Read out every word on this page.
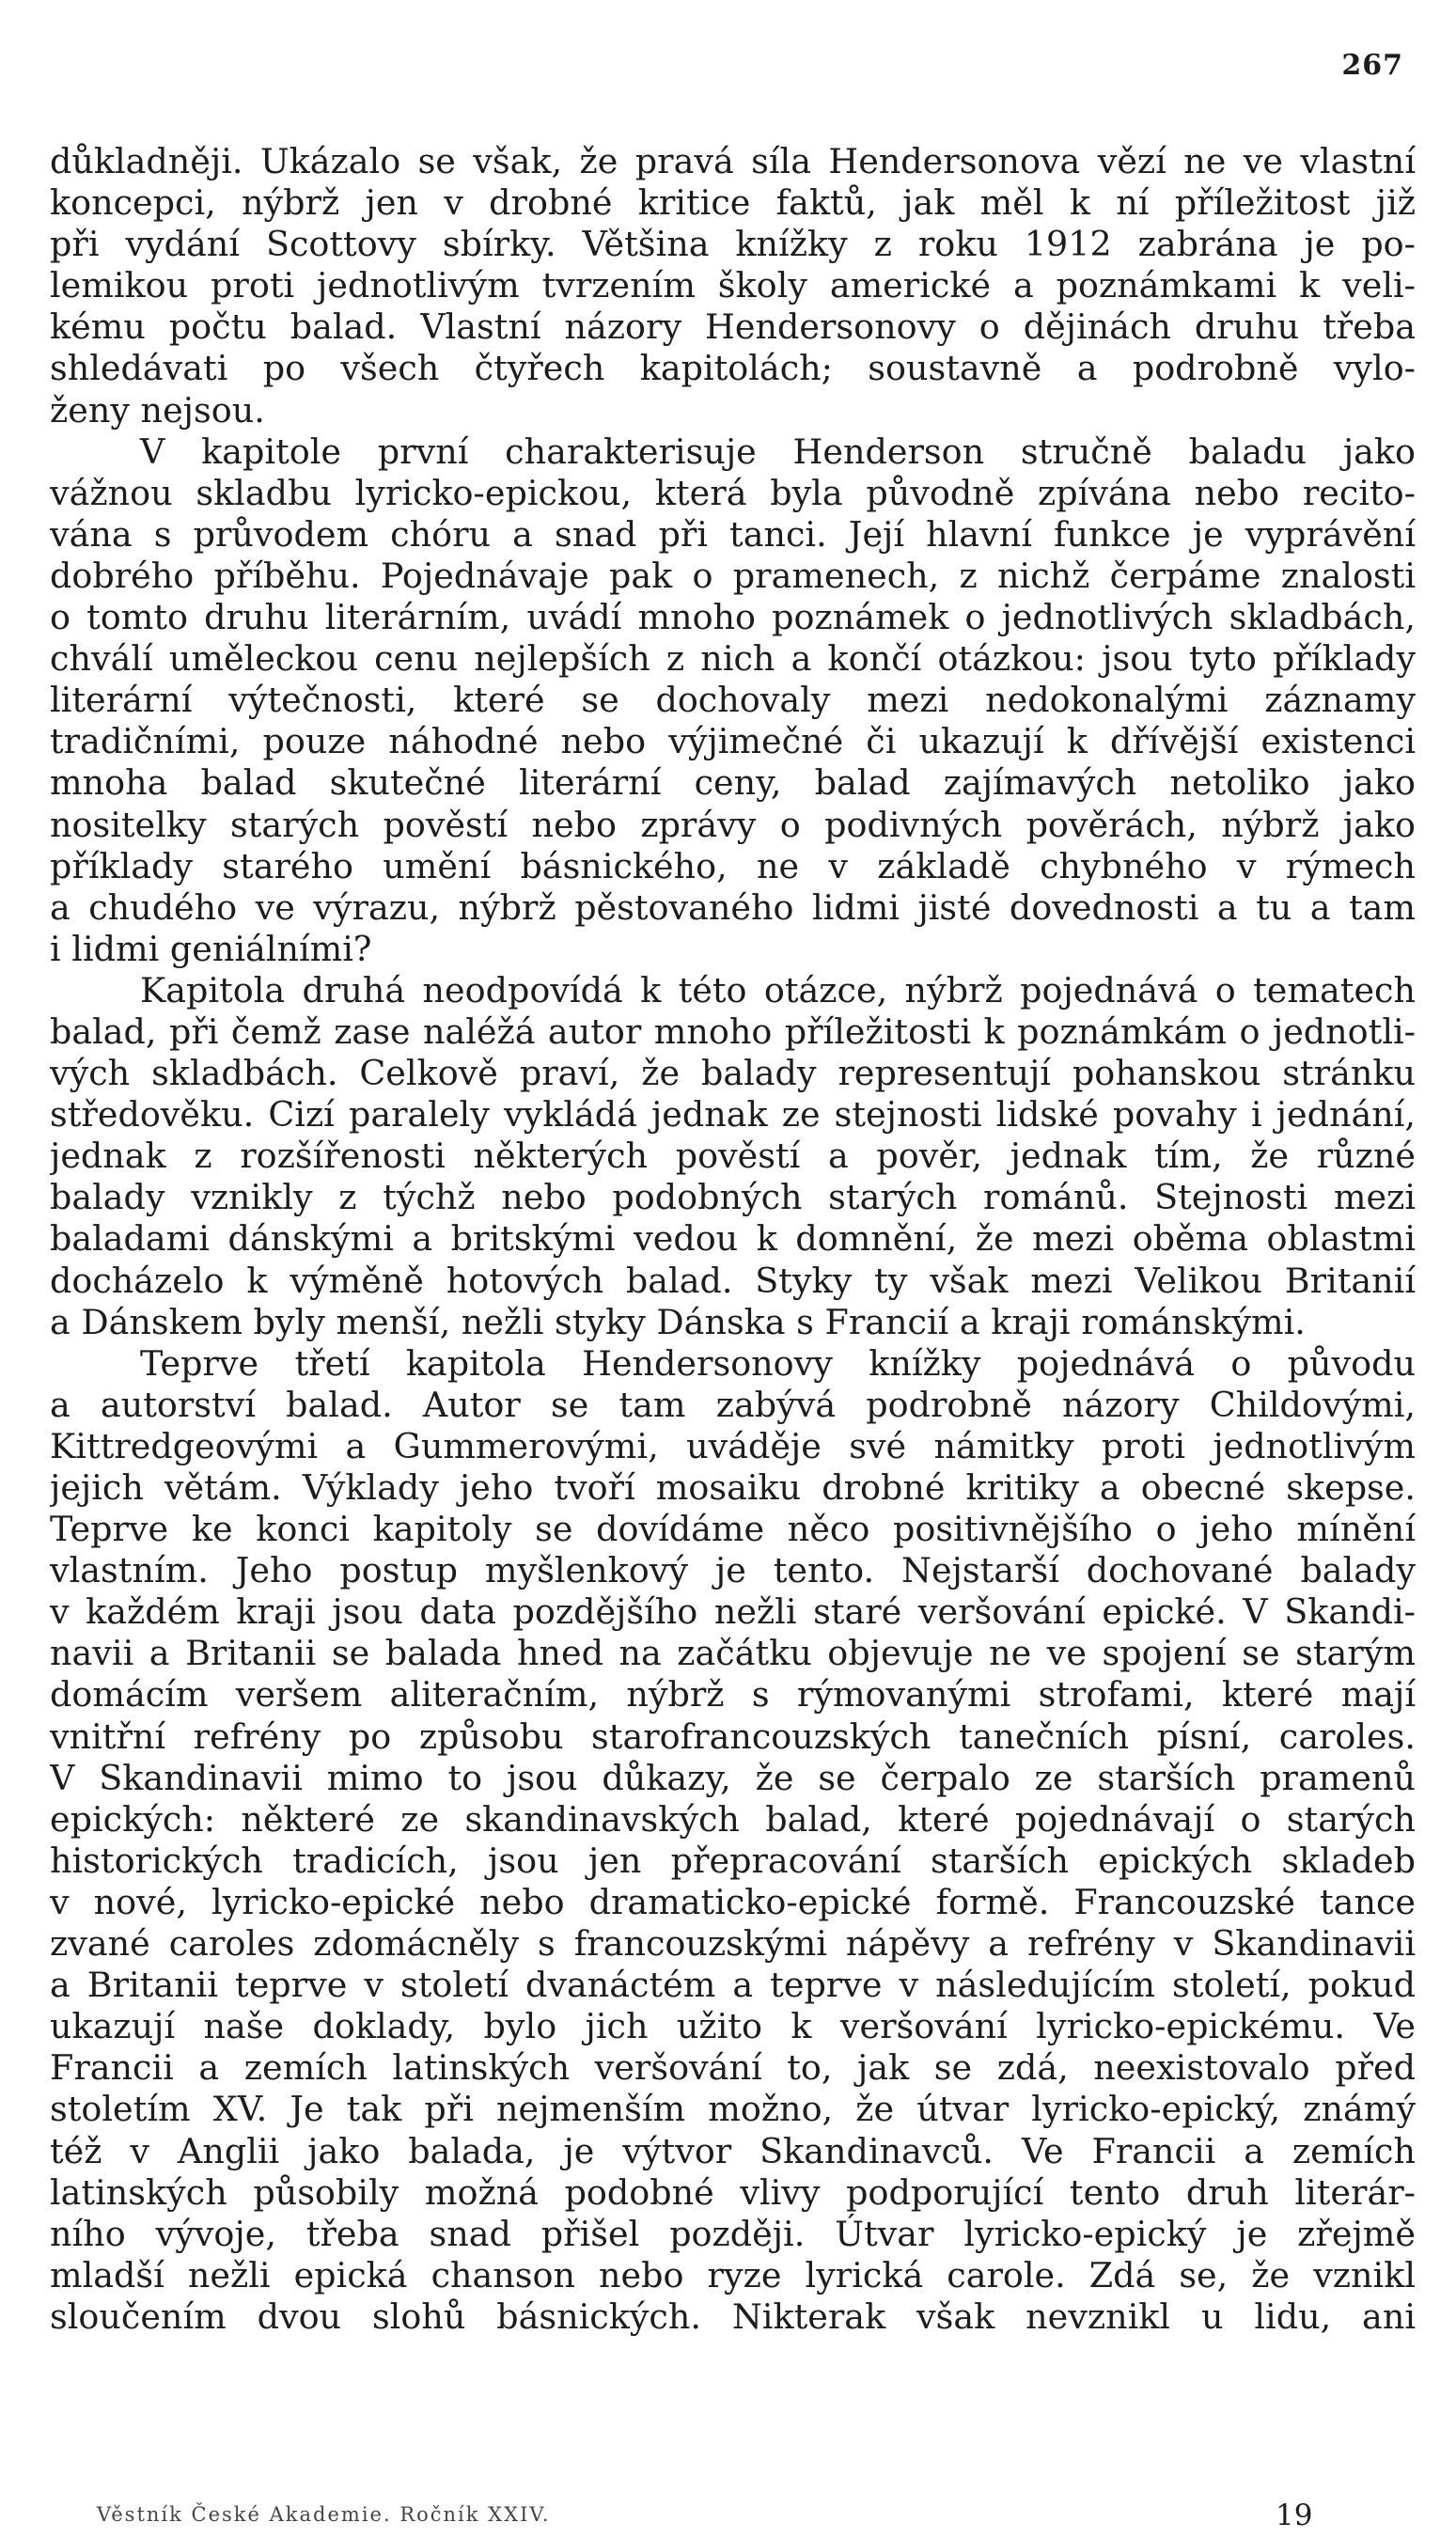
267
důkladněji. Ukázalo se však, že pravá síla Hendersonova vězí ne ve vlastní
koncepci, nýbrž jen v drobné kritice faktů, jak měl k ní příležitost již
při vydání Scottovy sbírky. Většina knížky z roku 1912 zabrána je po-
lemikou proti jednotlivým tvrzením školy americké a poznámkami k veli-
kému počtu balad. Vlastní názory Hendersonovy o dějinách druhu třeba
shledávati po všech čtyřech kapitolách; soustavně a podrobně vylo-
ženy nejsou.
V kapitole první charakterisuje Henderson stručně baladu jako
vážnou skladbu lyricko-epickou, která byla původně zpívána nebo recito-
vána s průvodem chóru a snad při tanci. Její hlavní funkce je vyprávění
dobrého příběhu. Pojednávaje pak o pramenech, z nichž čerpáme znalosti
o tomto druhu literárním, uvádí mnoho poznámek o jednotlivých skladbách,
chválí uměleckou cenu nejlepších z nich a končí otázkou: jsou tyto příklady
literární výtečnosti, které se dochovaly mezi nedokonalými záznamy
tradičními, pouze náhodné nebo výjimečné či ukazují k dřívější existenci
mnoha balad skutečné literární ceny, balad zajímavých netoliko jako
nositelky starých pověstí nebo zprávy o podivných pověrách, nýbrž jako
příklady starého umění básnického, ne v základě chybného v rýmech
a chudého ve výrazu, nýbrž pěstovaného lidmi jisté dovednosti a tu a tam
i lidmi geniálními?
Kapitola druhá neodpovídá k této otázce, nýbrž pojednává o tematech
balad, při čemž zase naléžá autor mnoho příležitosti k poznámkám o jednotli-
vých skladbách. Celkově praví, že balady representují pohanskou stránku
středověku. Cizí paralely vykládá jednak ze stejnosti lidské povahy i jednání,
jednak z rozšířenosti některých pověstí a pověr, jednak tím, že různé
balady vznikly z týchž nebo podobných starých románů. Stejnosti mezi
baladami dánskými a britskými vedou k domnění, že mezi oběma oblastmi
docházelo k výměně hotových balad. Styky ty však mezi Velikou Britanií
a Dánskem byly menší, nežli styky Dánska s Francií a kraji románskými.
Teprve třetí kapitola Hendersonovy knížky pojednává o původu
a autorství balad. Autor se tam zabývá podrobně názory Childovými,
Kittredgeovými a Gummerovými, uváděje své námitky proti jednotlivým
jejich větám. Výklady jeho tvoří mosaiku drobné kritiky a obecné skepse.
Teprve ke konci kapitoly se dovídáme něco positivnějšího o jeho mínění
vlastním. Jeho postup myšlenkový je tento. Nejstarší dochované balady
v každém kraji jsou data pozdějšího nežli staré veršování epické. V Skandi-
navii a Britanii se balada hned na začátku objevuje ne ve spojení se starým
domácím veršem aliteračním, nýbrž s rýmovanými strofami, které mají
vnitřní refrény po způsobu starofrancouzských tanečních písní, caroles.
V Skandinavii mimo to jsou důkazy, že se čerpalo ze starších pramenů
epických: některé ze skandinavských balad, které pojednávají o starých
historických tradicích, jsou jen přepracování starších epických skladeb
v nové, lyricko-epické nebo dramaticko-epické formě. Francouzské tance
zvané caroles zdomácněly s francouzskými nápěvy a refrény v Skandinavii
a Britanii teprve v století dvanáctém a teprve v následujícím století, pokud
ukazují naše doklady, bylo jich užito k veršování lyricko-epickému. Ve
Francii a zemích latinských veršování to, jak se zdá, neexistovalo před
stoletím XV. Je tak při nejmenším možno, že útvar lyricko-epický, známý
též v Anglii jako balada, je výtvor Skandinavců. Ve Francii a zemích
latinských působily možná podobné vlivy podporující tento druh literár-
ního vývoje, třeba snad přišel později. Útvar lyricko-epický je zřejmě
mladší nežli epická chanson nebo ryze lyrická carole. Zdá se, že vznikl
sloučením dvou slohů básnických. Nikterak však nevznikl u lidu, ani
Věstník České Akademie. Ročník XXIV.	19
